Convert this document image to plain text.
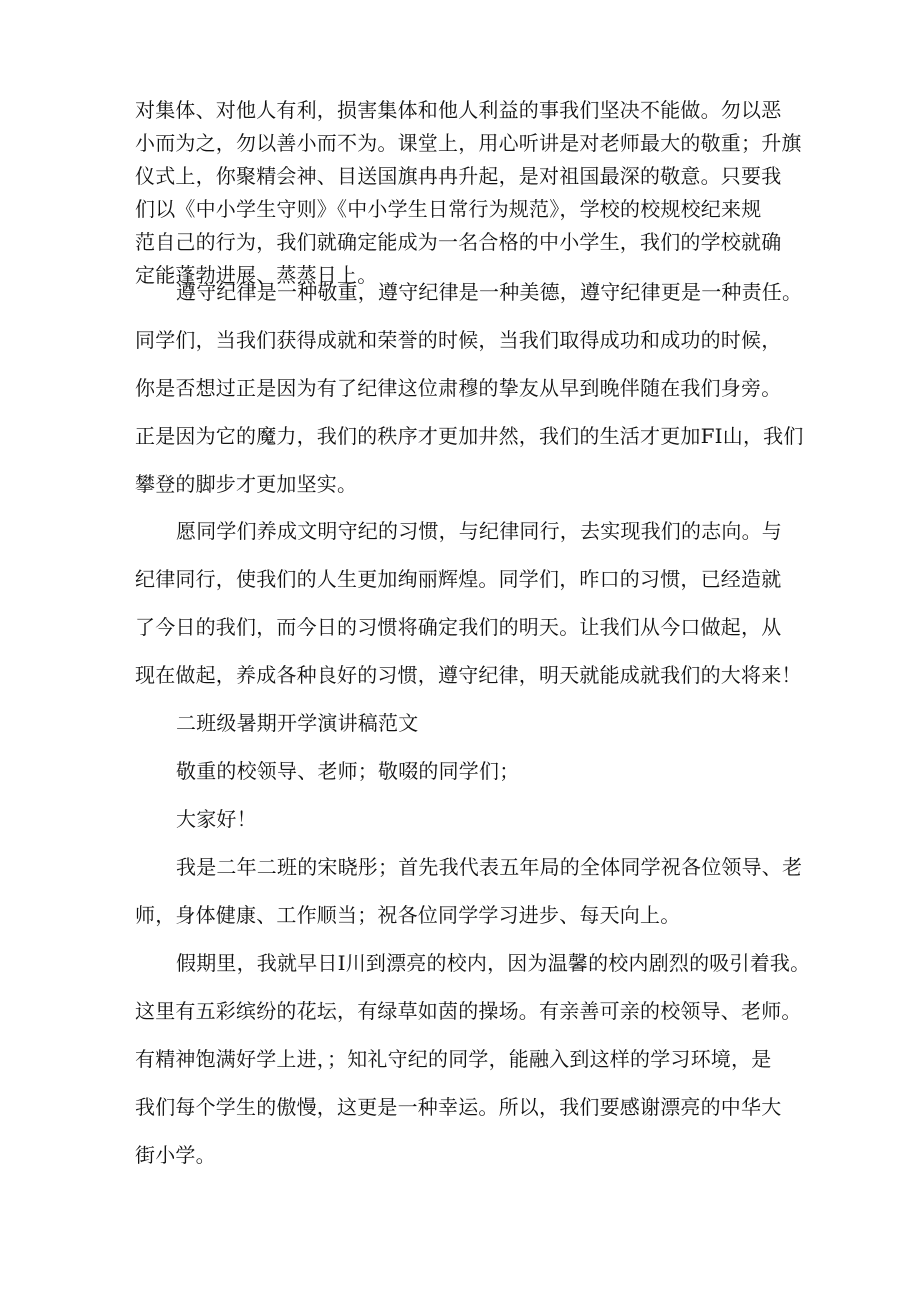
对集体、对他人有利，损害集体和他人利益的事我们坚决不能做。勿以恶
小而为之，勿以善小而不为。课堂上，用心听讲是对老师最大的敬重；升旗
仪式上，你聚精会神、目送国旗冉冉升起，是对祖国最深的敬意。只要我
们以《中小学生守则》《中小学生日常行为规范》，学校的校规校纪来规
范自己的行为，我们就确定能成为一名合格的中小学生，我们的学校就确
定能蓬勃进展、蒸蒸日上。
遵守纪律是一种敬重，遵守纪律是一种美德，遵守纪律更是一种责任。
同学们，当我们获得成就和荣誉的时候，当我们取得成功和成功的时候，
你是否想过正是因为有了纪律这位肃穆的挚友从早到晚伴随在我们身旁。
正是因为它的魔力，我们的秩序才更加井然，我们的生活才更加FI山，我们
攀登的脚步才更加坚实。
愿同学们养成文明守纪的习惯，与纪律同行，去实现我们的志向。与
纪律同行，使我们的人生更加绚丽辉煌。同学们，昨口的习惯，已经造就
了今日的我们，而今日的习惯将确定我们的明天。让我们从今口做起，从
现在做起，养成各种良好的习惯，遵守纪律，明天就能成就我们的大将来！
二班级暑期开学演讲稿范文
敬重的校领导、老师；敬啜的同学们；
大家好！
我是二年二班的宋晓彤；首先我代表五年局的全体同学祝各位领导、老
师，身体健康、工作顺当；祝各位同学学习进步、每天向上。
假期里，我就早日I川到漂亮的校内，因为温馨的校内剧烈的吸引着我。
这里有五彩缤纷的花坛，有绿草如茵的操场。有亲善可亲的校领导、老师。
有精神饱满好学上进，；知礼守纪的同学，能融入到这样的学习环境，是
我们每个学生的傲慢，这更是一种幸运。所以，我们要感谢漂亮的中华大
街小学。
